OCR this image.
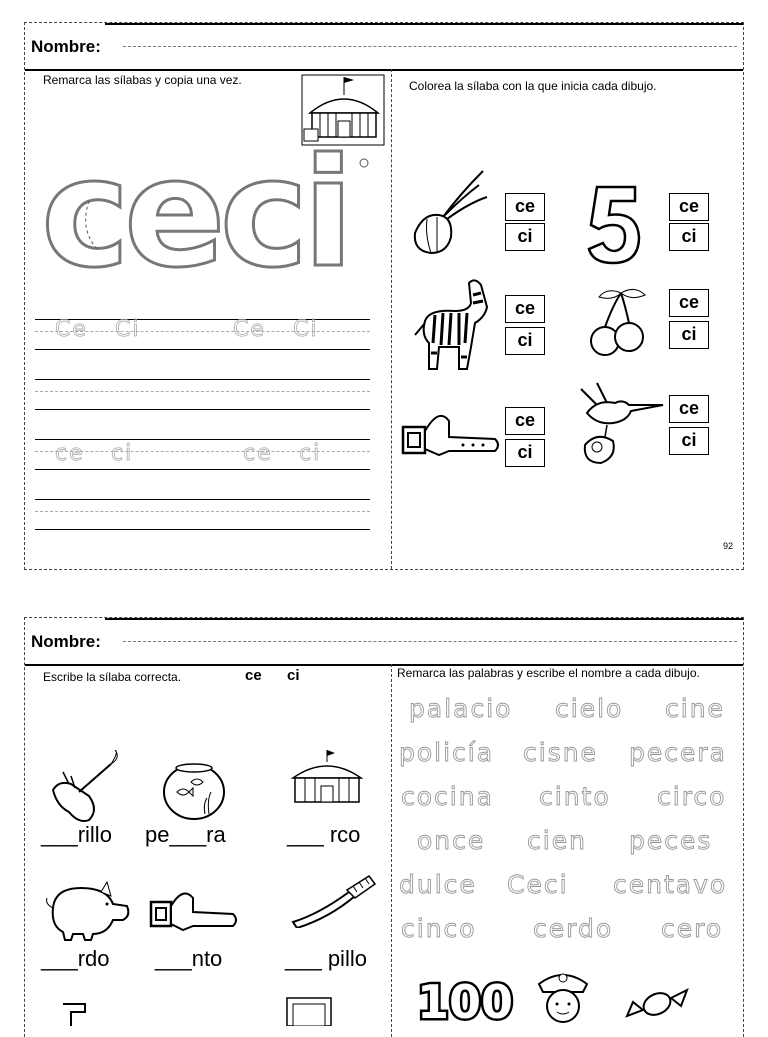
Nombre:
Remarca las sílabas y copia una vez.	Colorea la sílaba con la que inicia cada dibujo.
ceci
Ce Ci	Ce Ci
ce ci	ce ci
ce
ci
ce
ci
ce
ci
ce
ci
ce
ci
ce
ci
92
Nombre:
Escribe la sílaba correcta.	ce ci	Remarca las palabras y escribe el nombre a cada dibujo.
___rillo pe___ra	___ rco
___rdo ___nto	___ pillo
palacio cielo cine
policía cisne pecera
cocina cinto circo
once cien peces
dulce Ceci centavo
cinco cerdo cero
100
